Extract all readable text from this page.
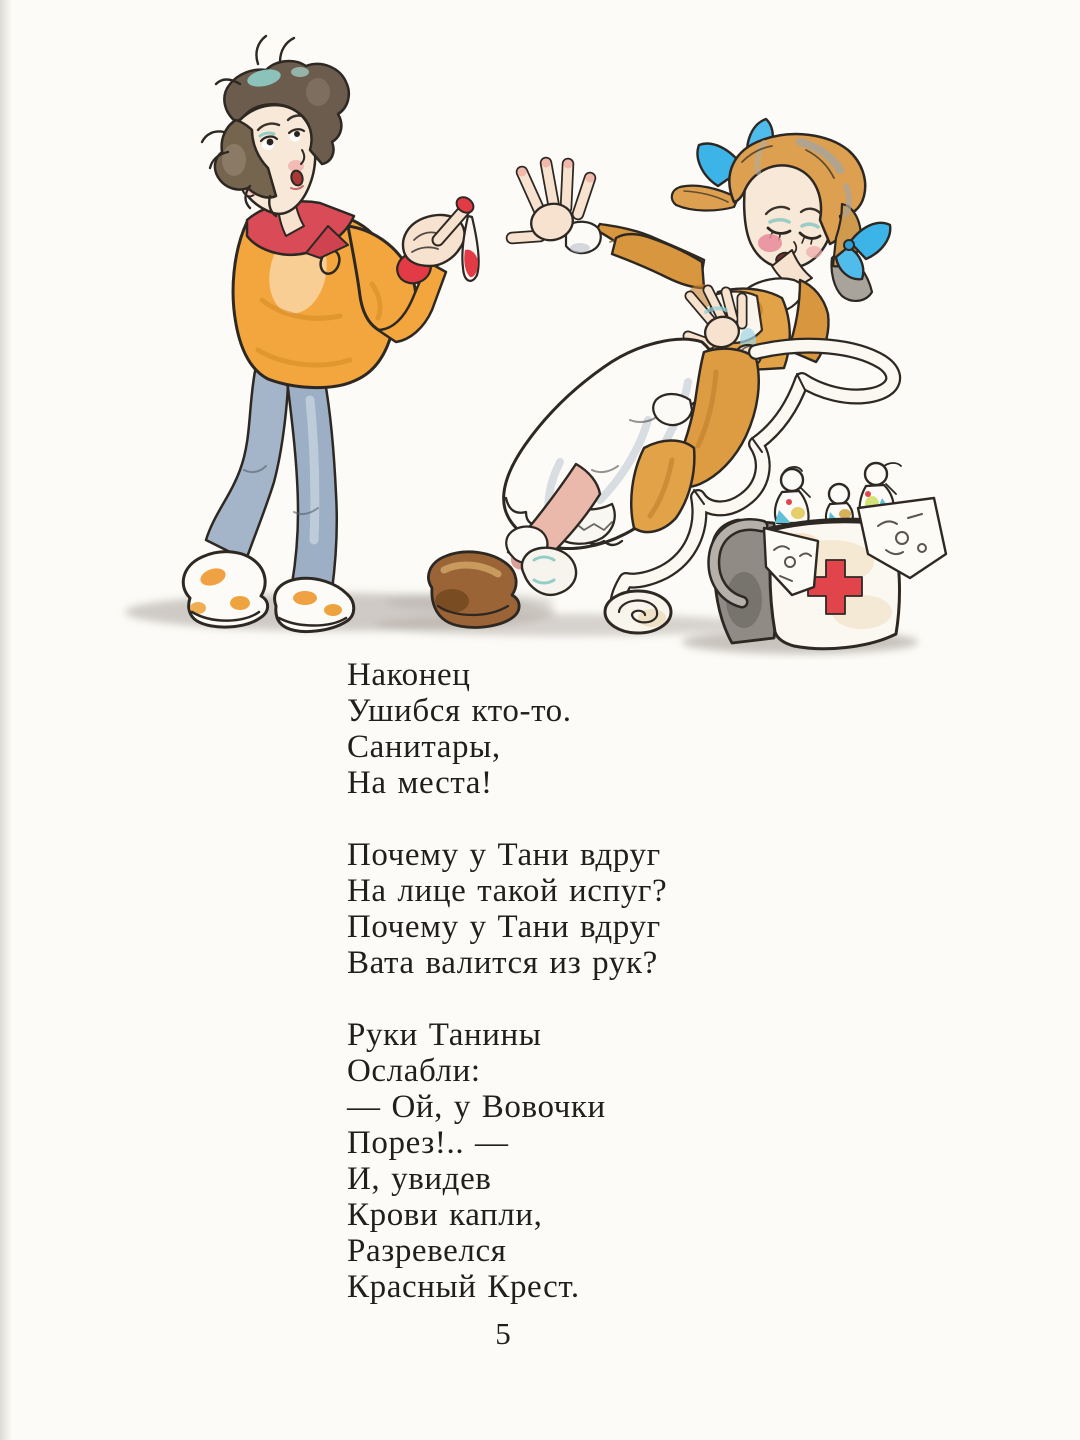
Наконец
Ушибся кто-то.
Санитары,
На места!
Почему у Тани вдруг
На лице такой испуг?
Почему у Тани вдруг
Вата валится из рук?
Руки Танины
Ослабли:
— Ой, у Вовочки
Порез!.. —
И, увидев
Крови капли,
Разревелся
Красный Крест.
5
